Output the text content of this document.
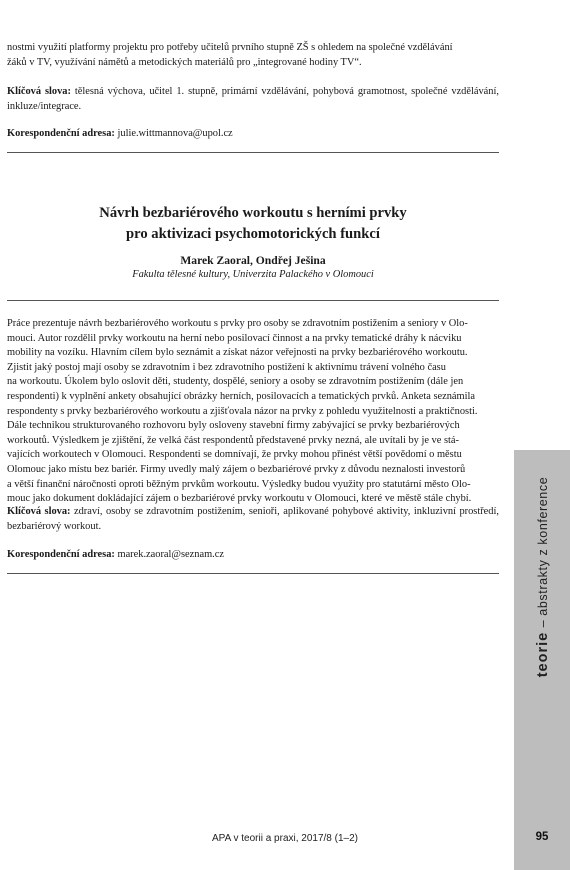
nostmi využití platformy projektu pro potřeby učitelů prvního stupně ZŠ s ohledem na společné vzdělávání

žáků v TV, využívání námětů a metodických materiálů pro „integrované hodiny TV“.

Klíčová slova: tělesná výchova, učitel 1. stupně, primární vzdělávání, pohybová gramotnost, společné vzdělávání, inkluze/integrace.

Korespondenční adresa: julie.wittmannova@upol.cz

Návrh bezbariérového workoutu s herními prvky

pro aktivizaci psychomotorických funkcí

Marek Zaoral, Ondřej Ješina

Fakulta tělesné kultury, Univerzita Palackého v Olomouci

Práce prezentuje návrh bezbariérového workoutu s prvky pro osoby se zdravotním postižením a seniory v Olo-

mouci. Autor rozdělil prvky workoutu na herní nebo posilovací činnost a na prvky tematické dráhy k nácviku

mobility na vozíku. Hlavním cílem bylo seznámit a získat názor veřejnosti na prvky bezbariérového workoutu.

Zjistit jaký postoj mají osoby se zdravotním i bez zdravotního postižení k aktivnímu trávení volného času

na workoutu. Úkolem bylo oslovit děti, studenty, dospělé, seniory a osoby se zdravotním postižením (dále jen

respondenti) k vyplnění ankety obsahující obrázky herních, posilovacích a tematických prvků. Anketa seznámila

respondenty s prvky bezbariérového workoutu a zjišťovala názor na prvky z pohledu využitelnosti a praktičnosti.

Dále technikou strukturovaného rozhovoru byly osloveny stavební firmy zabývající se prvky bezbariérových

workoutů. Výsledkem je zjištění, že velká část respondentů představené prvky nezná, ale uvítali by je ve stá-

vajících workoutech v Olomouci. Respondenti se domnívají, že prvky mohou přinést větší povědomí o městu

Olomouc jako místu bez bariér. Firmy uvedly malý zájem o bezbariérové prvky z důvodu neznalosti investorů

a větší finanční náročnosti oproti běžným prvkům workoutu. Výsledky budou využity pro statutární město Olo-

mouc jako dokument dokládající zájem o bezbariérové prvky workoutu v Olomouci, které ve městě stále chybí.

Klíčová slova: zdraví, osoby se zdravotním postižením, senioři, aplikované pohybové aktivity, inkluzivní prostředí, bezbariérový workout.

Korespondenční adresa: marek.zaoral@seznam.cz

teorie – abstrakty z konference
APA v teorii a praxi, 2017/8 (1–2)	95
